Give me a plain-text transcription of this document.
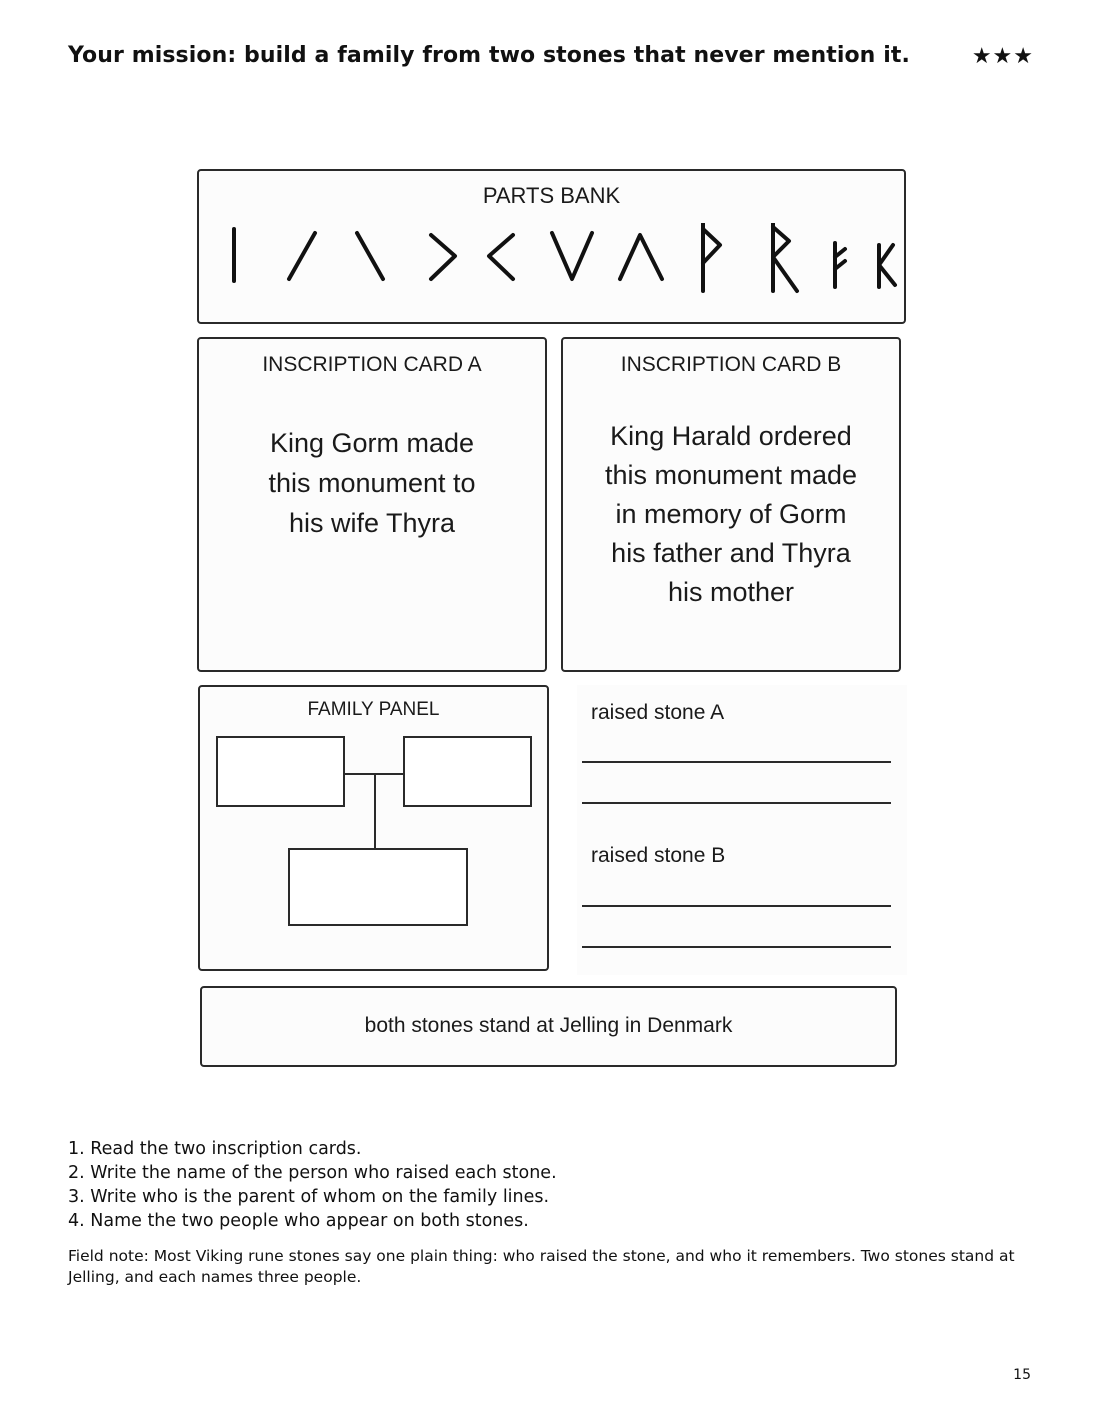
Your mission: build a family from two stones that never mention it.	★★★
PARTS BANK
INSCRIPTION CARD A
King Gorm made this monument to his wife Thyra
INSCRIPTION CARD B
King Harald ordered this monument made in memory of Gorm his father and Thyra his mother
FAMILY PANEL	raised stone A
raised stone B
both stones stand at Jelling in Denmark
1. Read the two inscription cards.
2. Write the name of the person who raised each stone.
3. Write who is the parent of whom on the family lines.
4. Name the two people who appear on both stones.
Field note: Most Viking rune stones say one plain thing: who raised the stone, and who it remembers. Two stones stand at Jelling, and each names three people.
15
